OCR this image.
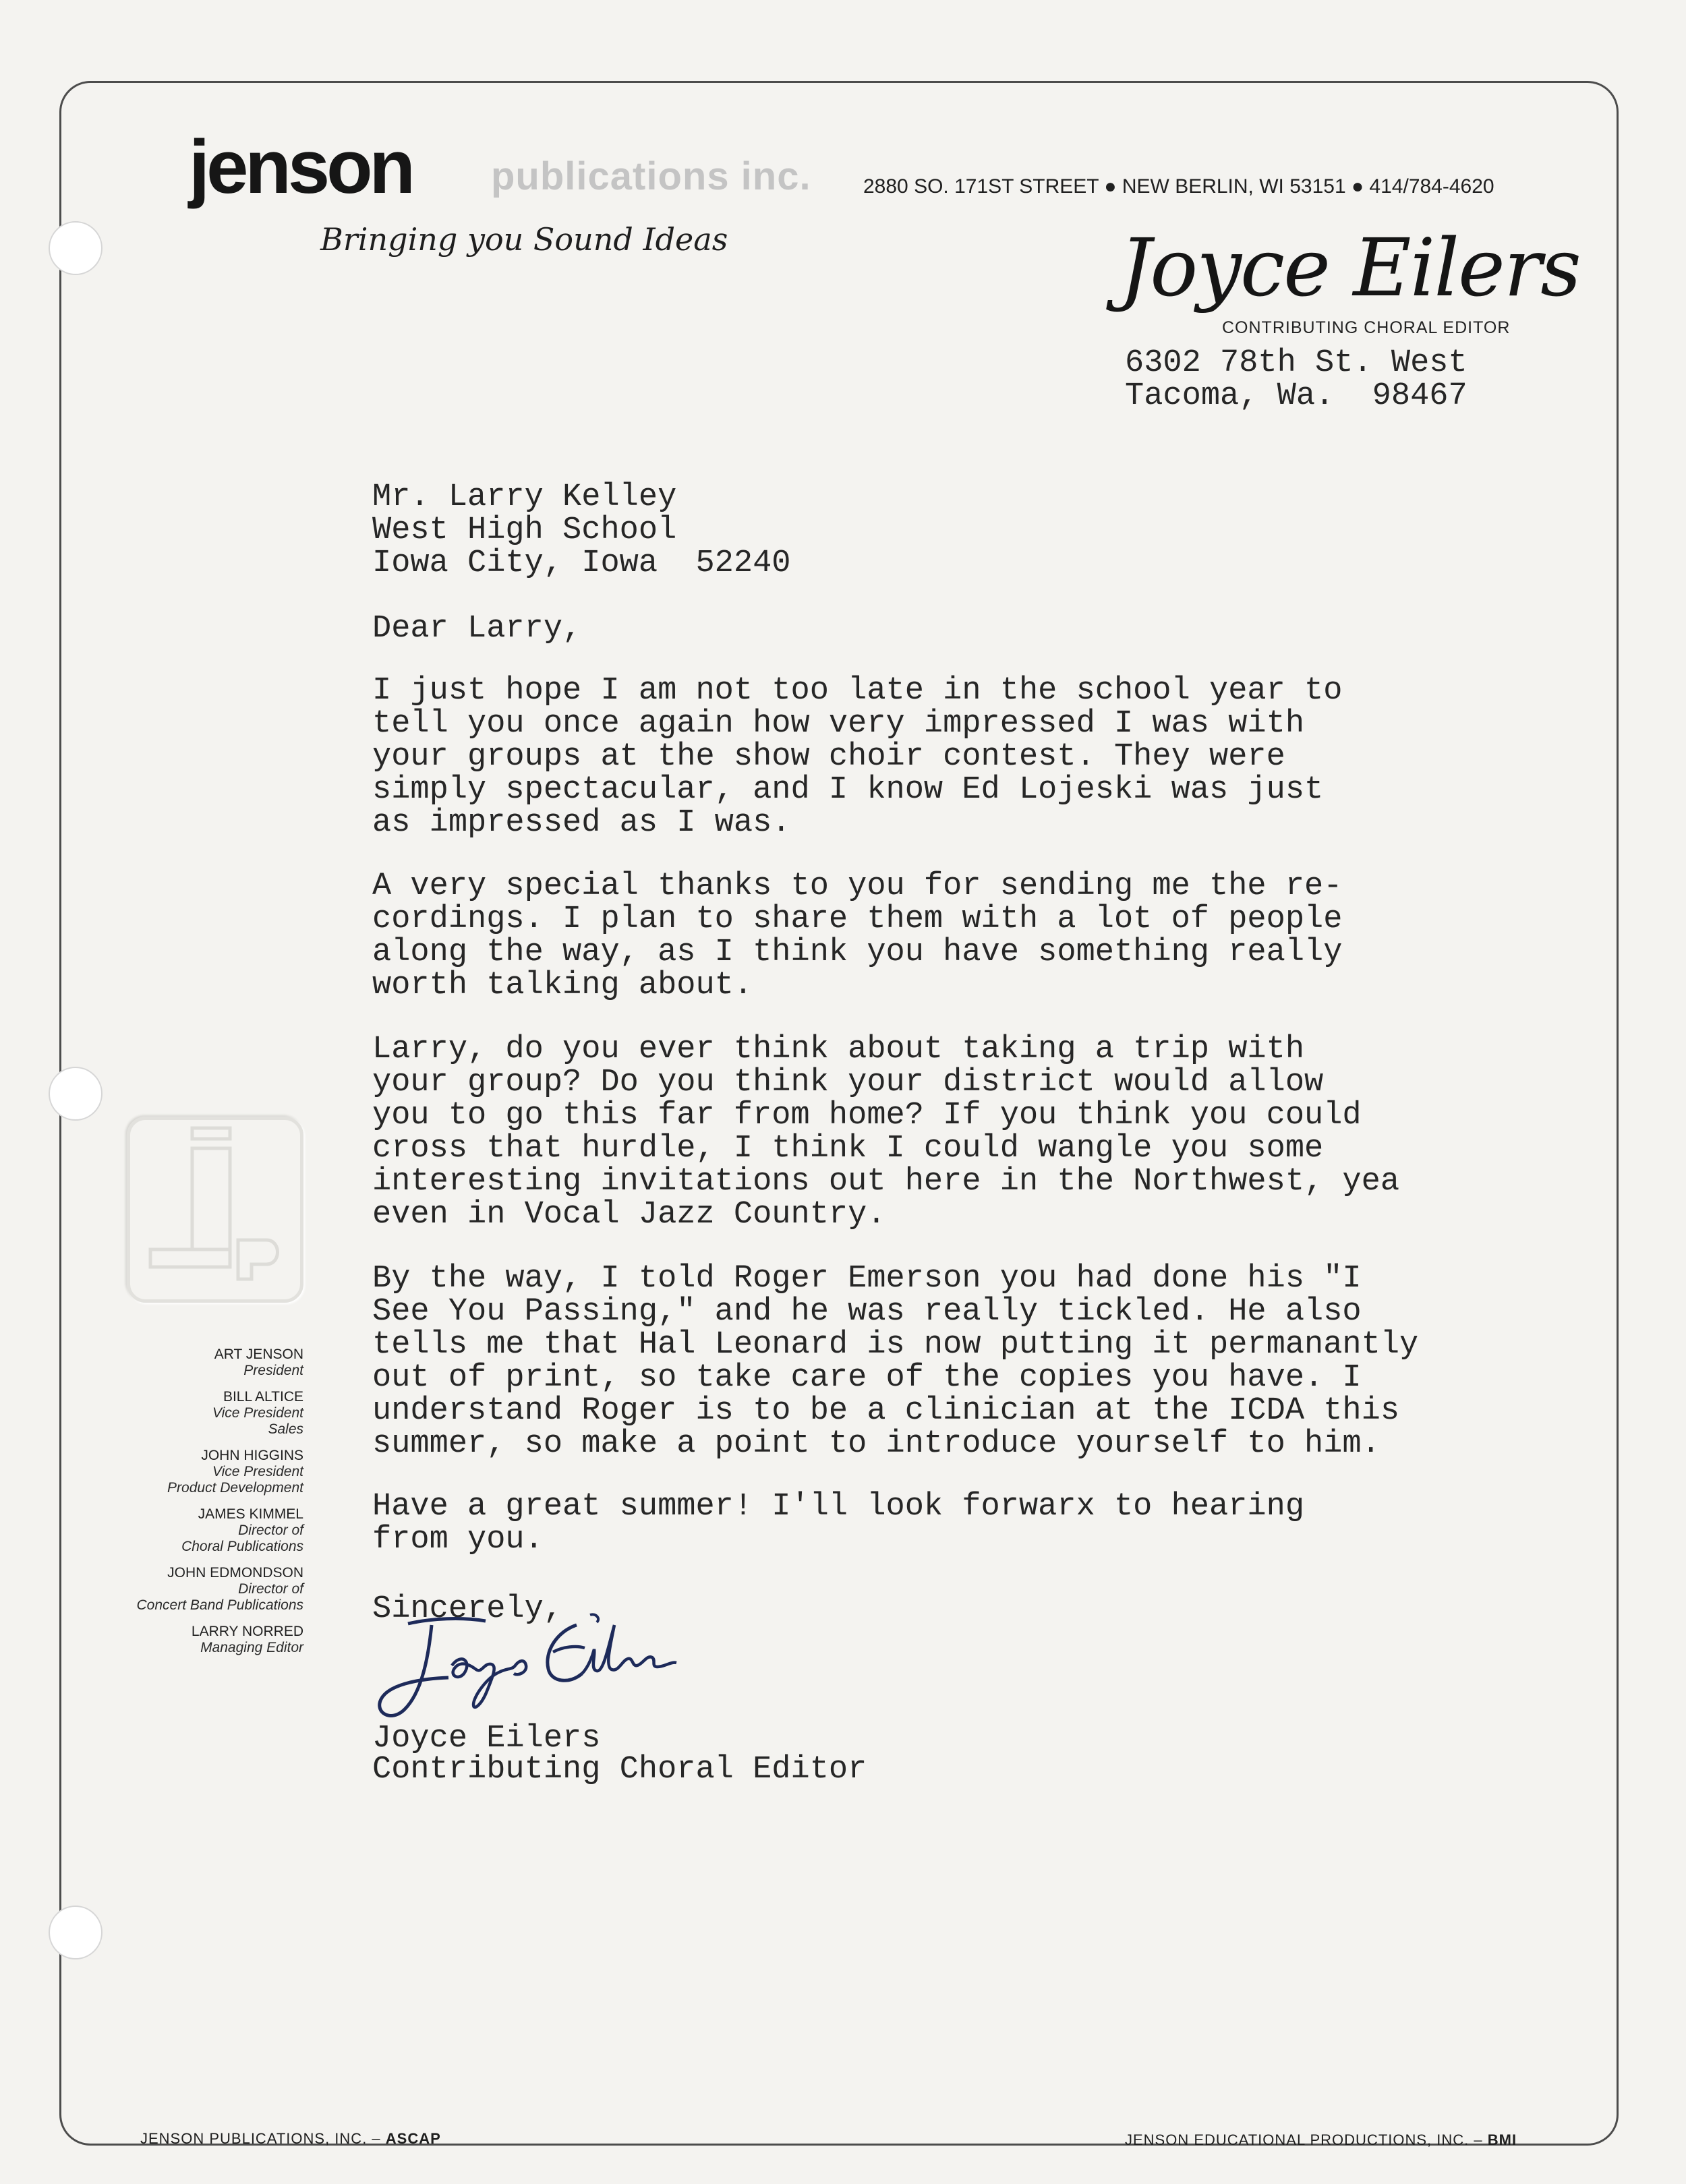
jenson publications inc.	2880 SO. 171ST STREET ● NEW BERLIN, WI 53151 ● 414/784-4620
Bringing you Sound Ideas	Joyce Eilers
CONTRIBUTING CHORAL EDITOR
6302 78th St. West
Tacoma, Wa.  98467
Mr. Larry Kelley
West High School
Iowa City, Iowa  52240
Dear Larry,
I just hope I am not too late in the school year to
tell you once again how very impressed I was with
your groups at the show choir contest. They were
simply spectacular, and I know Ed Lojeski was just
as impressed as I was.
A very special thanks to you for sending me the re-
cordings. I plan to share them with a lot of people
along the way, as I think you have something really
worth talking about.
Larry, do you ever think about taking a trip with
your group? Do you think your district would allow
you to go this far from home? If you think you could
cross that hurdle, I think I could wangle you some
interesting invitations out here in the Northwest, yea
even in Vocal Jazz Country.
By the way, I told Roger Emerson you had done his "I
See You Passing," and he was really tickled. He also
tells me that Hal Leonard is now putting it permanantly
out of print, so take care of the copies you have. I
understand Roger is to be a clinician at the ICDA this
summer, so make a point to introduce yourself to him.
Have a great summer! I'll look forwarx to hearing
from you.
Sincerely,
Joyce Eilers
Contributing Choral Editor
ART JENSON
President
BILL ALTICE
Vice President
Sales
JOHN HIGGINS
Vice President
Product Development
JAMES KIMMEL
Director of
Choral Publications
JOHN EDMONDSON
Director of
Concert Band Publications
LARRY NORRED
Managing Editor
JENSON PUBLICATIONS, INC. – ASCAP	JENSON EDUCATIONAL PRODUCTIONS, INC. – BMI
